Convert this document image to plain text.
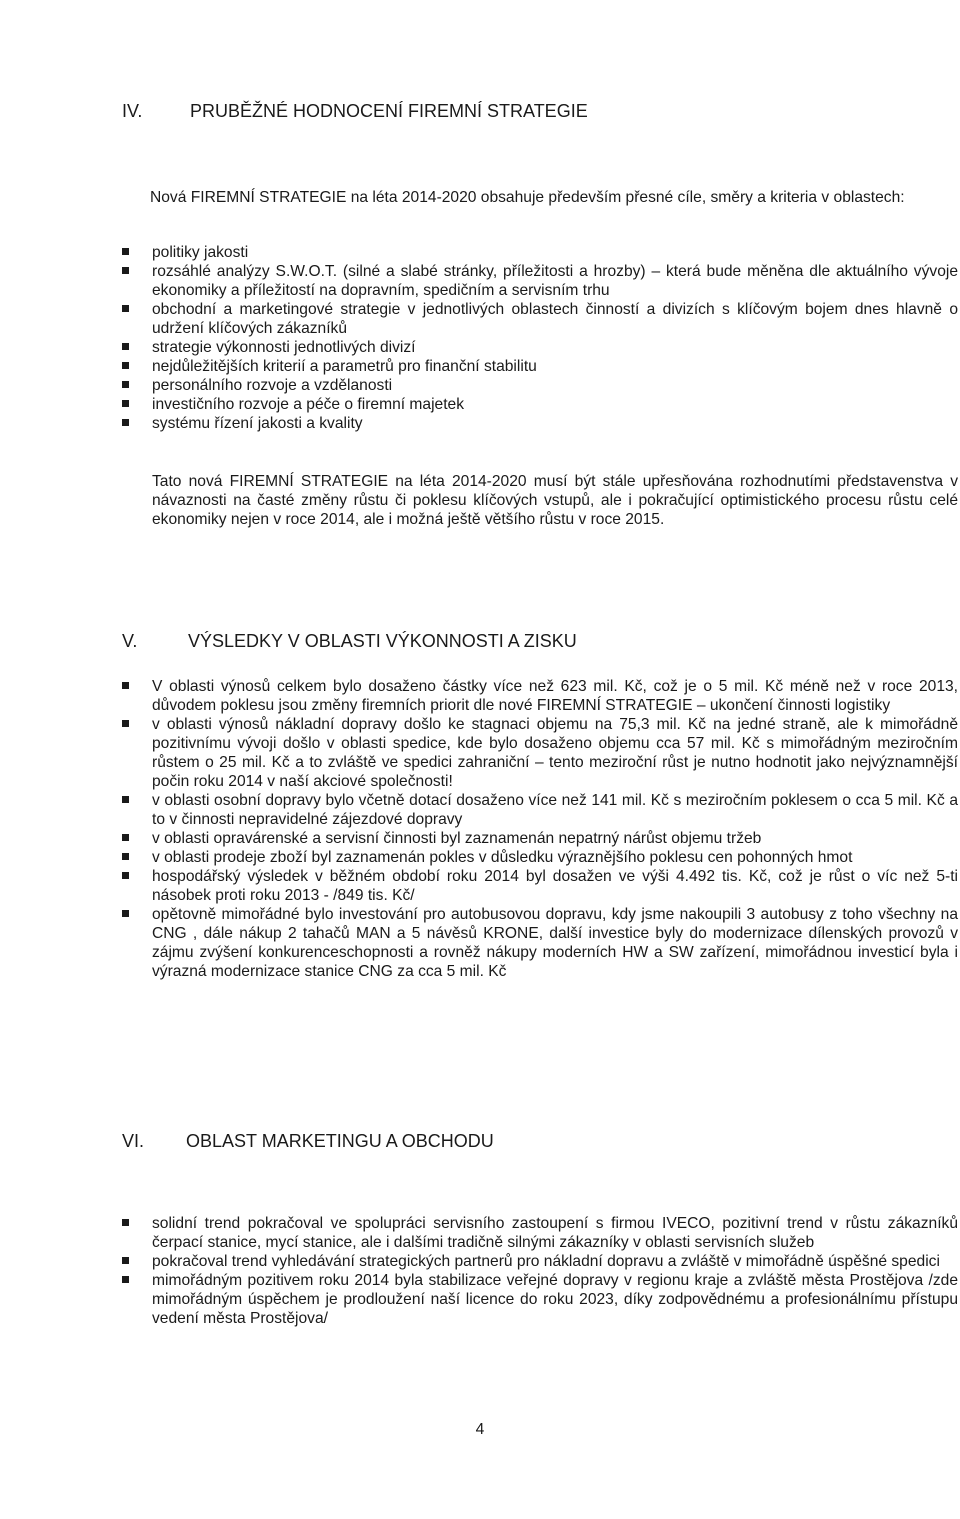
IV.	PRUBĚŽNÉ HODNOCENÍ FIREMNÍ STRATEGIE
Nová FIREMNÍ STRATEGIE na léta 2014-2020 obsahuje především přesné cíle, směry a kriteria v oblastech:
politiky jakosti
rozsáhlé analýzy S.W.O.T. (silné a slabé stránky, příležitosti a hrozby) – která bude měněna dle aktuálního vývoje ekonomiky a příležitostí na dopravním, spedičním a servisním trhu
obchodní a marketingové strategie v jednotlivých oblastech činností a divizích s klíčovým bojem dnes hlavně o udržení klíčových zákazníků
strategie výkonnosti jednotlivých divizí
nejdůležitějších kriterií a parametrů pro finanční stabilitu
personálního rozvoje a vzdělanosti
investičního rozvoje a péče o firemní majetek
systému řízení jakosti a kvality
Tato nová FIREMNÍ STRATEGIE na léta 2014-2020 musí být stále upřesňována rozhodnutími představenstva v návaznosti na časté změny růstu či poklesu klíčových vstupů, ale i pokračující optimistického procesu růstu celé ekonomiky nejen v roce 2014, ale i možná ještě většího růstu v roce 2015.
V.	VÝSLEDKY V OBLASTI VÝKONNOSTI A ZISKU
V oblasti výnosů celkem bylo dosaženo částky více než 623 mil. Kč, což je o 5 mil. Kč méně než v roce 2013, důvodem poklesu jsou změny firemních priorit dle nové FIREMNÍ STRATEGIE – ukončení činnosti logistiky
v oblasti výnosů nákladní dopravy došlo ke stagnaci objemu na 75,3 mil. Kč na jedné straně, ale k mimořádně pozitivnímu vývoji došlo v oblasti spedice, kde bylo dosaženo objemu cca 57 mil. Kč s mimořádným meziročním růstem o 25 mil. Kč a to zvláště ve spedici zahraniční – tento meziroční růst je nutno hodnotit jako nejvýznamnější počin roku 2014 v naší akciové společnosti!
v oblasti osobní dopravy bylo včetně dotací dosaženo více než 141 mil. Kč s meziročním poklesem o cca 5 mil. Kč a to v činnosti nepravidelné zájezdové dopravy
v oblasti opravárenské a servisní činnosti byl zaznamenán nepatrný nárůst objemu tržeb
v oblasti prodeje zboží byl zaznamenán pokles v důsledku výraznějšího poklesu cen pohonných hmot
hospodářský výsledek v běžném období roku 2014 byl dosažen ve výši 4.492 tis. Kč, což je růst o víc než 5-ti násobek proti roku 2013 - /849 tis. Kč/
opětovně mimořádné bylo investování pro autobusovou dopravu, kdy jsme nakoupili 3 autobusy z toho všechny na CNG , dále nákup 2 tahačů MAN a 5 návěsů KRONE, další investice byly do modernizace dílenských provozů v zájmu zvýšení konkurenceschopnosti a rovněž nákupy moderních HW a SW zařízení, mimořádnou investicí byla i výrazná modernizace stanice CNG za cca 5 mil. Kč
VI. OBLAST MARKETINGU A OBCHODU
solidní trend pokračoval ve spolupráci servisního zastoupení s firmou IVECO, pozitivní trend v růstu zákazníků čerpací stanice, mycí stanice, ale i dalšími tradičně silnými zákazníky v oblasti servisních služeb
pokračoval trend vyhledávání strategických partnerů pro nákladní dopravu a zvláště v mimořádně úspěšné spedici
mimořádným pozitivem roku 2014 byla stabilizace veřejné dopravy v regionu kraje a zvláště města Prostějova /zde mimořádným úspěchem je prodloužení naší licence do roku 2023, díky zodpovědnému a profesionálnímu přístupu vedení města Prostějova/
4
